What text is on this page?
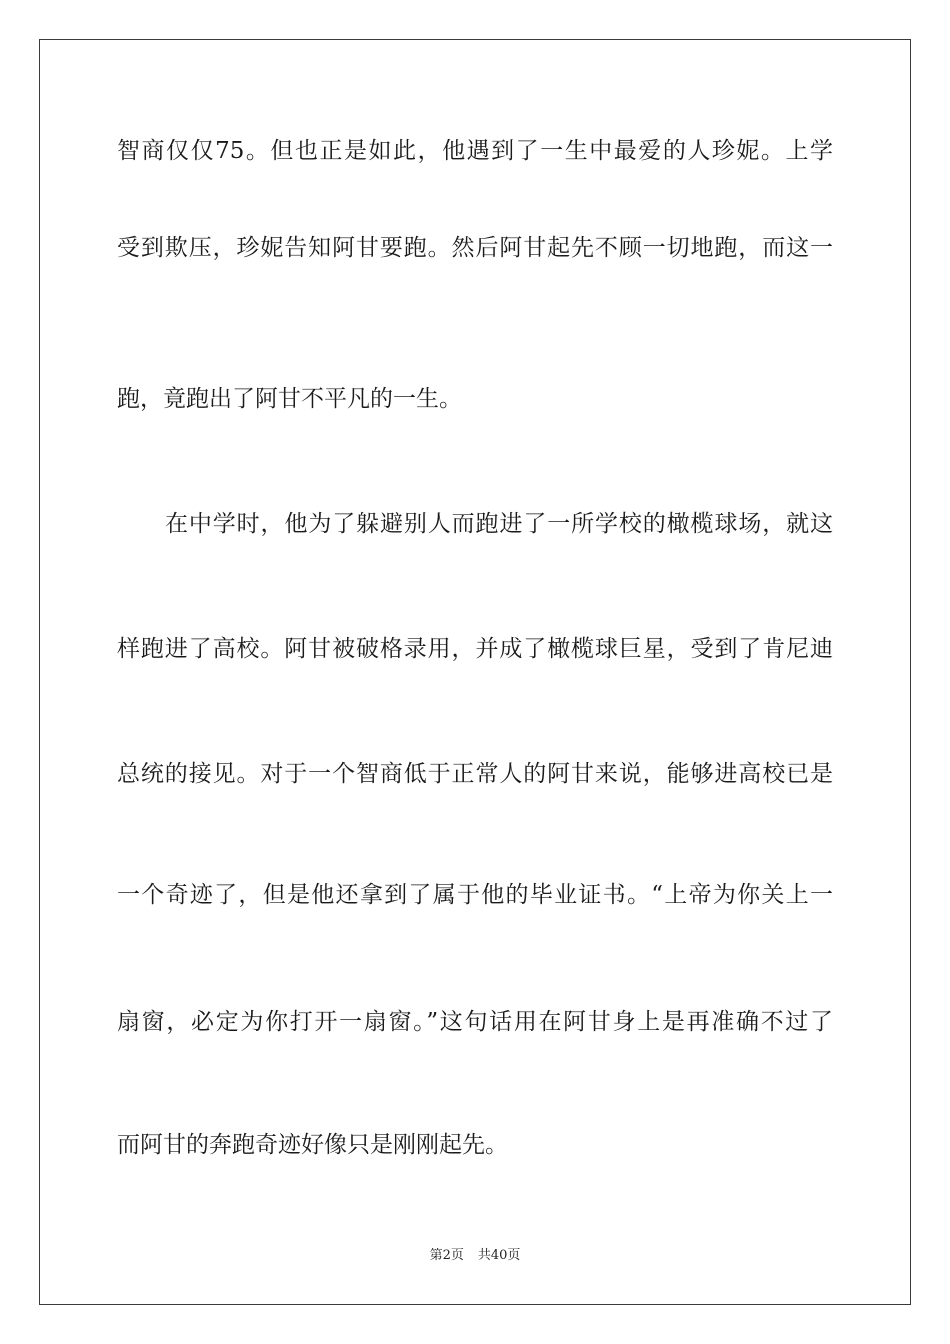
智商仅仅75。但也正是如此，他遇到了一生中最爱的人珍妮。上学
受到欺压，珍妮告知阿甘要跑。然后阿甘起先不顾一切地跑，而这一
跑，竟跑出了阿甘不平凡的一生。
在中学时，他为了躲避别人而跑进了一所学校的橄榄球场，就这
样跑进了高校。阿甘被破格录用，并成了橄榄球巨星，受到了肯尼迪
总统的接见。对于一个智商低于正常人的阿甘来说，能够进高校已是
一个奇迹了，但是他还拿到了属于他的毕业证书。“上帝为你关上一
扇窗，必定为你打开一扇窗。”这句话用在阿甘身上是再准确不过了
而阿甘的奔跑奇迹好像只是刚刚起先。
第2页 共40页
